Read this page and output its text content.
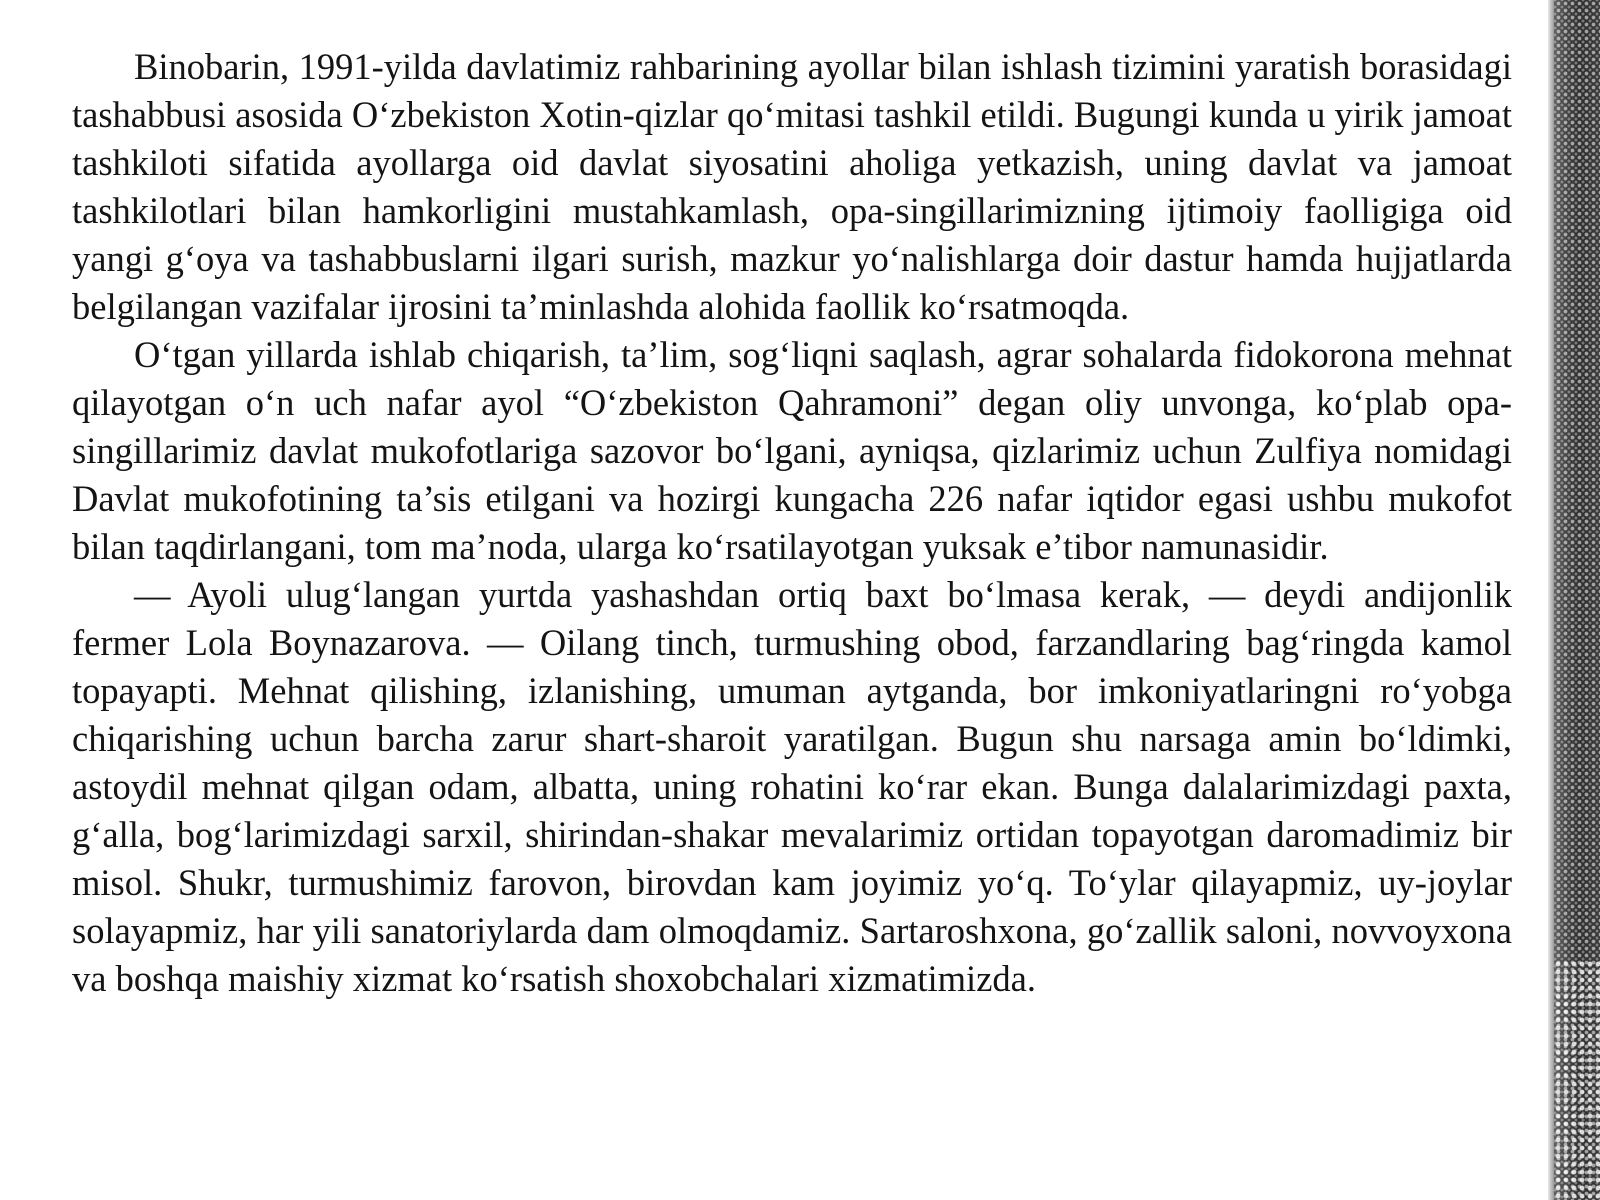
Binobarin, 1991-yilda davlatimiz rahbarining ayollar bilan ishlash tizimini yaratish borasidagi tashabbusi asosida O‘zbekiston Xotin-qizlar qo‘mitasi tashkil etildi. Bugungi kunda u yirik jamoat tashkiloti sifatida ayollarga oid davlat siyosatini aholiga yetkazish, uning davlat va jamoat tashkilotlari bilan hamkorligini mustahkamlash, opa-singillarimizning ijtimoiy faolligiga oid yangi g‘oya va tashabbuslarni ilgari surish, mazkur yo‘nalishlarga doir dastur hamda hujjatlarda belgilangan vazifalar ijrosini ta’minlashda alohida faollik ko‘rsatmoqda.

O‘tgan yillarda ishlab chiqarish, ta’lim, sog‘liqni saqlash, agrar sohalarda fidokorona mehnat qilayotgan o‘n uch nafar ayol “O‘zbekiston Qahramoni” degan oliy unvonga, ko‘plab opa-singillarimiz davlat mukofotlariga sazovor bo‘lgani, ayniqsa, qizlarimiz uchun Zulfiya nomidagi Davlat mukofotining ta’sis etilgani va hozirgi kungacha 226 nafar iqtidor egasi ushbu mukofot bilan taqdirlangani, tom ma’noda, ularga ko‘rsatilayotgan yuksak e’tibor namunasidir.

— Ayoli ulug‘langan yurtda yashashdan ortiq baxt bo‘lmasa kerak, — deydi andijonlik fermer Lola Boynazarova. — Oilang tinch, turmushing obod, farzandlaring bag‘ringda kamol topayapti. Mehnat qilishing, izlanishing, umuman aytganda, bor imkoniyatlaringni ro‘yobga chiqarishing uchun barcha zarur shart-sharoit yaratilgan. Bugun shu narsaga amin bo‘ldimki, astoydil mehnat qilgan odam, albatta, uning rohatini ko‘rar ekan. Bunga dalalarimizdagi paxta, g‘alla, bog‘larimizdagi sarxil, shirindan-shakar mevalarimiz ortidan topayotgan daromadimiz bir misol. Shukr, turmushimiz farovon, birovdan kam joyimiz yo‘q. To‘ylar qilayapmiz, uy-joylar solayapmiz, har yili sanatoriylarda dam olmoqdamiz. Sartaroshxona, go‘zallik saloni, novvoyxona va boshqa maishiy xizmat ko‘rsatish shoxobchalari xizmatimizda.
